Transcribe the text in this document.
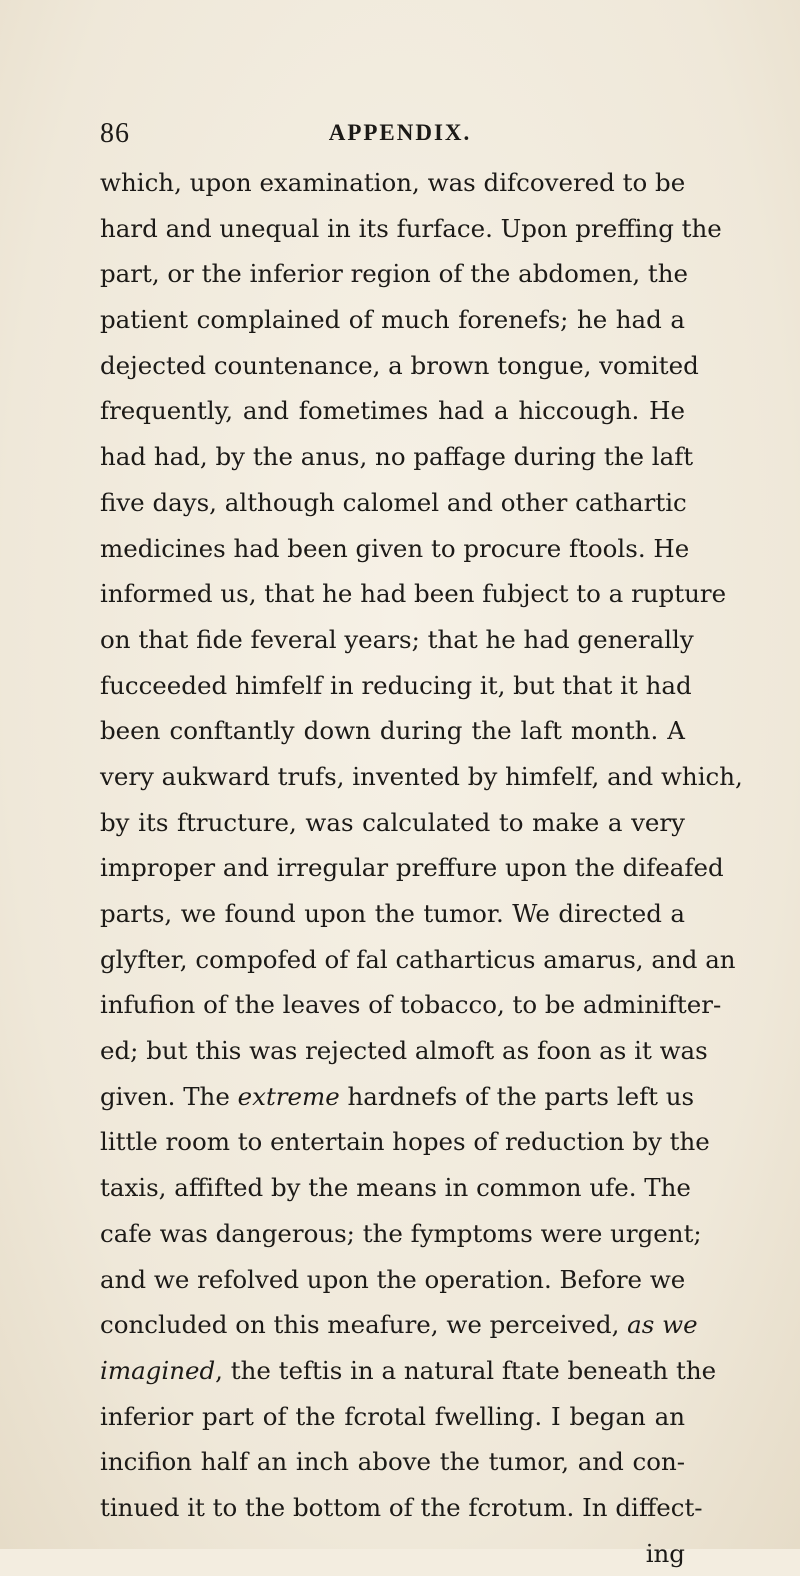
86	APPENDIX.
which, upon examination, was difcovered to be
hard and unequal in its furface. Upon preffing the
part, or the inferior region of the abdomen, the
patient complained of much forenefs; he had a
dejected countenance, a brown tongue, vomited
frequently, and fometimes had a hiccough. He
had had, by the anus, no paffage during the laft
five days, although calomel and other cathartic
medicines had been given to procure ftools. He
informed us, that he had been fubject to a rupture
on that fide feveral years; that he had generally
fucceeded himfelf in reducing it, but that it had
been conftantly down during the laft month. A
very aukward trufs, invented by himfelf, and which,
by its ftructure, was calculated to make a very
improper and irregular preffure upon the difeafed
parts, we found upon the tumor. We directed a
glyfter, compofed of fal catharticus amarus, and an
infufion of the leaves of tobacco, to be adminifter-
ed; but this was rejected almoft as foon as it was
given. The extreme hardnefs of the parts left us
little room to entertain hopes of reduction by the
taxis, affifted by the means in common ufe. The
cafe was dangerous; the fymptoms were urgent;
and we refolved upon the operation. Before we
concluded on this meafure, we perceived, as we
imagined, the teftis in a natural ftate beneath the
inferior part of the fcrotal fwelling. I began an
incifion half an inch above the tumor, and con-
tinued it to the bottom of the fcrotum. In diffect-
ing
